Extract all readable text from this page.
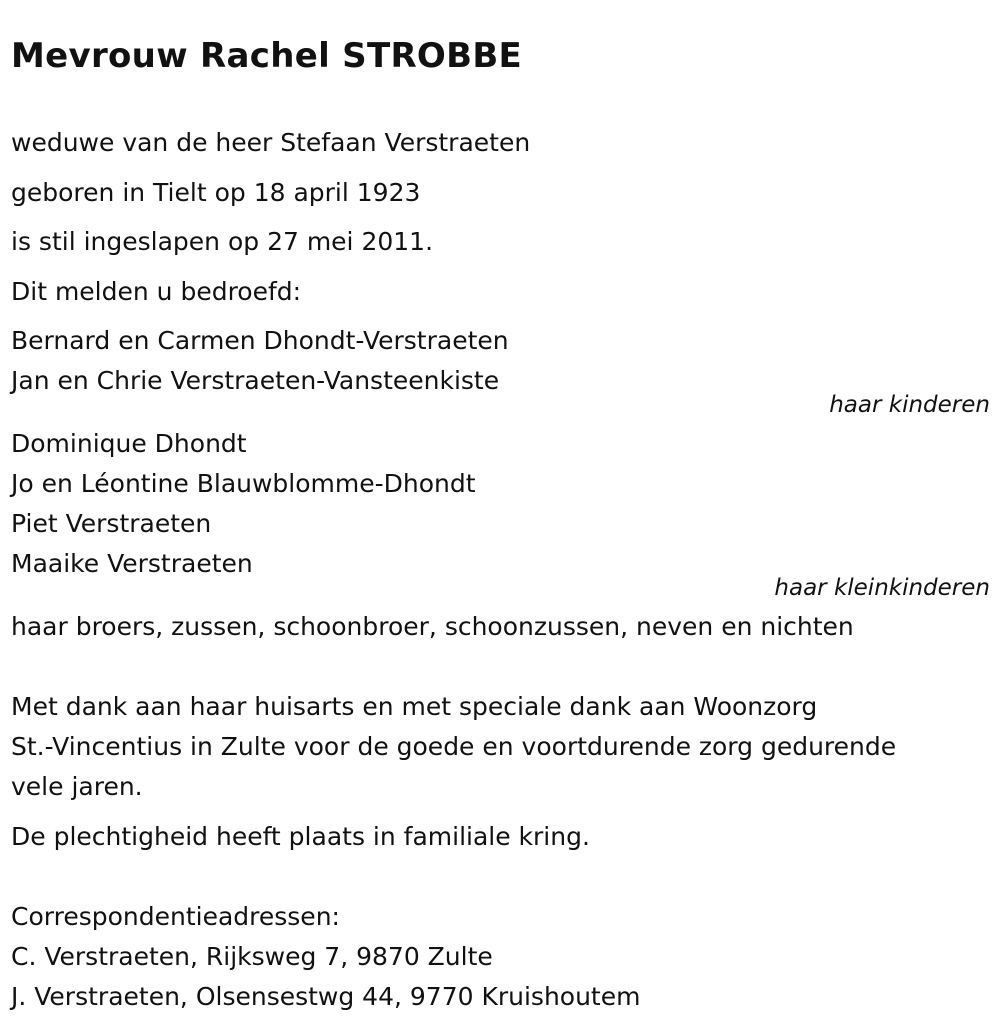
Mevrouw Rachel STROBBE

weduwe van de heer Stefaan Verstraeten

geboren in Tielt op 18 april 1923

is stil ingeslapen op 27 mei 2011.

Dit melden u bedroefd:

Bernard en Carmen Dhondt-Verstraeten

Jan en Chrie Verstraeten-Vansteenkiste

haar kinderen

Dominique Dhondt

Jo en Léontine Blauwblomme-Dhondt

Piet Verstraeten

Maaike Verstraeten

haar kleinkinderen

haar broers, zussen, schoonbroer, schoonzussen, neven en nichten

Met dank aan haar huisarts en met speciale dank aan Woonzorg

St.-Vincentius in Zulte voor de goede en voortdurende zorg gedurende

vele jaren.

De plechtigheid heeft plaats in familiale kring.

Correspondentieadressen:

C. Verstraeten, Rijksweg 7, 9870 Zulte

J. Verstraeten, Olsensestwg 44, 9770 Kruishoutem
